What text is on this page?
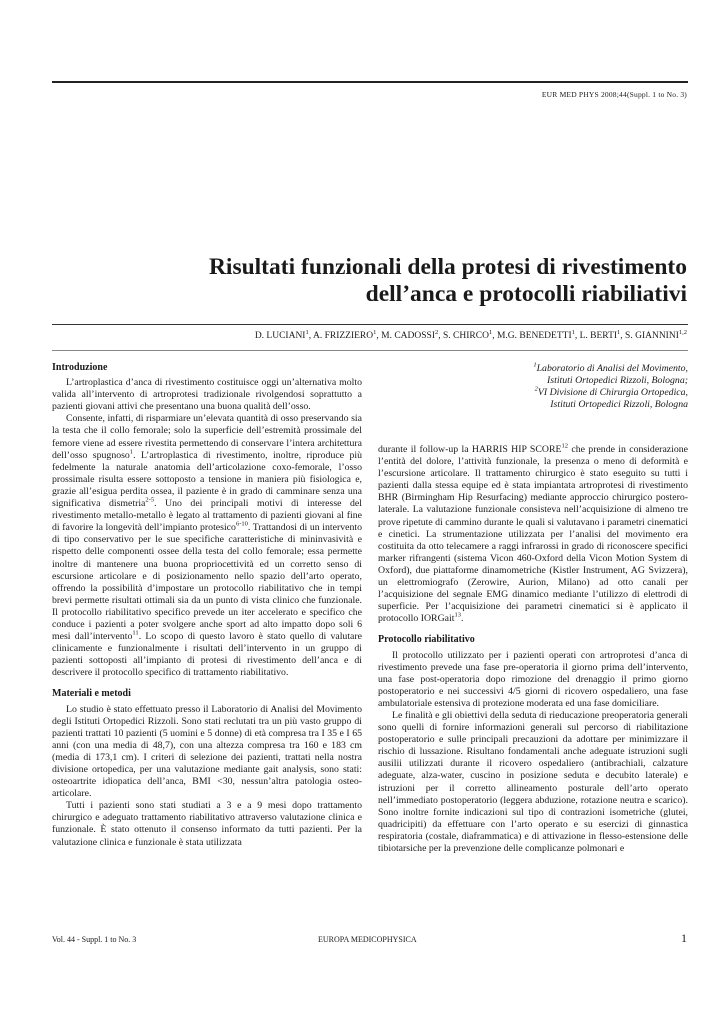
EUR MED PHYS 2008;44(Suppl. 1 to No. 3)
Risultati funzionali della protesi di rivestimento dell’anca e protocolli riabiliativi
D. LUCIANI$^1$, A. FRIZZIERO$^1$, M. CADOSSI$^2$, S. CHIRCO$^1$, M.G. BENEDETTI$^1$, L. BERTI$^1$, S. GIANNINI$^{1,2}$
$^1$Laboratorio di Analisi del Movimento,
Istituti Ortopedici Rizzoli, Bologna;
$^2$VI Divisione di Chirurgia Ortopedica,
Istituti Ortopedici Rizzoli, Bologna
Introduzione

L’artroplastica d’anca di rivestimento costituisce oggi un’alternativa molto valida all’intervento di artroprotesi tradizionale rivolgendosi soprattutto a pazienti giovani attivi che presentano una buona qualità dell’osso.

Consente, infatti, di risparmiare un’elevata quantità di osso preservando sia la testa che il collo femorale; solo la superficie dell’estremità prossimale del femore viene ad essere rivestita permettendo di conservare l’intera architettura dell’osso spugnoso$^1$. L’artroplastica di rivestimento, inoltre, riproduce più fedelmente la naturale anatomia dell’articolazione coxo-femorale, l’osso prossimale risulta essere sottoposto a tensione in maniera più fisiologica e, grazie all’esigua perdita ossea, il paziente è in grado di camminare senza una significativa dismetria$^{2-5}$. Uno dei principali motivi di interesse del rivestimento metallo-metallo è legato al trattamento di pazienti giovani al fine di favorire la longevità dell’impianto protesico$^{6-10}$. Trattandosi di un intervento di tipo conservativo per le sue specifiche caratteristiche di mininvasività e rispetto delle componenti ossee della testa del collo femorale; essa permette inoltre di mantenere una buona propriocettività ed un corretto senso di escursione articolare e di posizionamento nello spazio dell’arto operato, offrendo la possibilità d’impostare un protocollo riabilitativo che in tempi brevi permette risultati ottimali sia da un punto di vista clinico che funzionale. Il protocollo riabilitativo specifico prevede un iter accelerato e specifico che conduce i pazienti a poter svolgere anche sport ad alto impatto dopo soli 6 mesi dall’intervento$^{11}$. Lo scopo di questo lavoro è stato quello di valutare clinicamente e funzionalmente i risultati dell’intervento in un gruppo di pazienti sottoposti all’impianto di protesi di rivestimento dell’anca e di descrivere il protocollo specifico di trattamento riabilitativo.

Materiali e metodi

Lo studio è stato effettuato presso il Laboratorio di Analisi del Movimento degli Istituti Ortopedici Rizzoli. Sono stati reclutati tra un più vasto gruppo di pazienti trattati 10 pazienti (5 uomini e 5 donne) di età compresa tra I 35 e I 65 anni (con una media di 48,7), con una altezza compresa tra 160 e 183 cm (media di 173,1 cm). I criteri di selezione dei pazienti, trattati nella nostra divisione ortopedica, per una valutazione mediante gait analysis, sono stati: osteoartrite idiopatica dell’anca, BMI <30, nessun’altra patologia osteo-articolare.

Tutti i pazienti sono stati studiati a 3 e a 9 mesi dopo trattamento chirurgico e adeguato trattamento riabilitativo attraverso valutazione clinica e funzionale. È stato ottenuto il consenso informato da tutti pazienti. Per la valutazione clinica e funzionale è stata utilizzata

durante il follow-up la HARRIS HIP SCORE$^{12}$ che prende in considerazione l’entità del dolore, l’attività funzionale, la presenza o meno di deformità e l’escursione articolare. Il trattamento chirurgico è stato eseguito su tutti i pazienti dalla stessa equipe ed è stata impiantata artroprotesi di rivestimento BHR (Birmingham Hip Resurfacing) mediante approccio chirurgico postero-laterale. La valutazione funzionale consisteva nell’acquisizione di almeno tre prove ripetute di cammino durante le quali si valutavano i parametri cinematici e cinetici. La strumentazione utilizzata per l’analisi del movimento era costituita da otto telecamere a raggi infrarossi in grado di riconoscere specifici marker rifrangenti (sistema Vicon 460-Oxford della Vicon Motion System di Oxford), due piattaforme dinamometriche (Kistler Instrument, AG Svizzera), un elettromiografo (Zerowire, Aurion, Milano) ad otto canali per l’acquisizione del segnale EMG dinamico mediante l’utilizzo di elettrodi di superficie. Per l’acquisizione dei parametri cinematici si è applicato il protocollo IORGait$^{13}$.

Protocollo riabilitativo

Il protocollo utilizzato per i pazienti operati con artroprotesi d’anca di rivestimento prevede una fase pre-operatoria il giorno prima dell’intervento, una fase post-operatoria dopo rimozione del drenaggio il primo giorno postoperatorio e nei successivi 4/5 giorni di ricovero ospedaliero, una fase ambulatoriale estensiva di protezione moderata ed una fase domiciliare.

Le finalità e gli obiettivi della seduta di rieducazione preoperatoria generali sono quelli di fornire informazioni generali sul percorso di riabilitazione postoperatorio e sulle principali precauzioni da adottare per minimizzare il rischio di lussazione. Risultano fondamentali anche adeguate istruzioni sugli ausilii utilizzati durante il ricovero ospedaliero (antibrachiali, calzature adeguate, alza-water, cuscino in posizione seduta e decubito laterale) e istruzioni per il corretto allineamento posturale dell’arto operato nell’immediato postoperatorio (leggera abduzione, rotazione neutra e scarico). Sono inoltre fornite indicazioni sul tipo di contrazioni isometriche (glutei, quadricipiti) da effettuare con l’arto operato e su esercizi di ginnastica respiratoria (costale, diaframmatica) e di attivazione in flesso-estensione delle tibiotarsiche per la prevenzione delle complicanze polmonari e

Vol. 44 - Suppl. 1 to No. 3	EUROPA MEDICOPHYSICA	1
